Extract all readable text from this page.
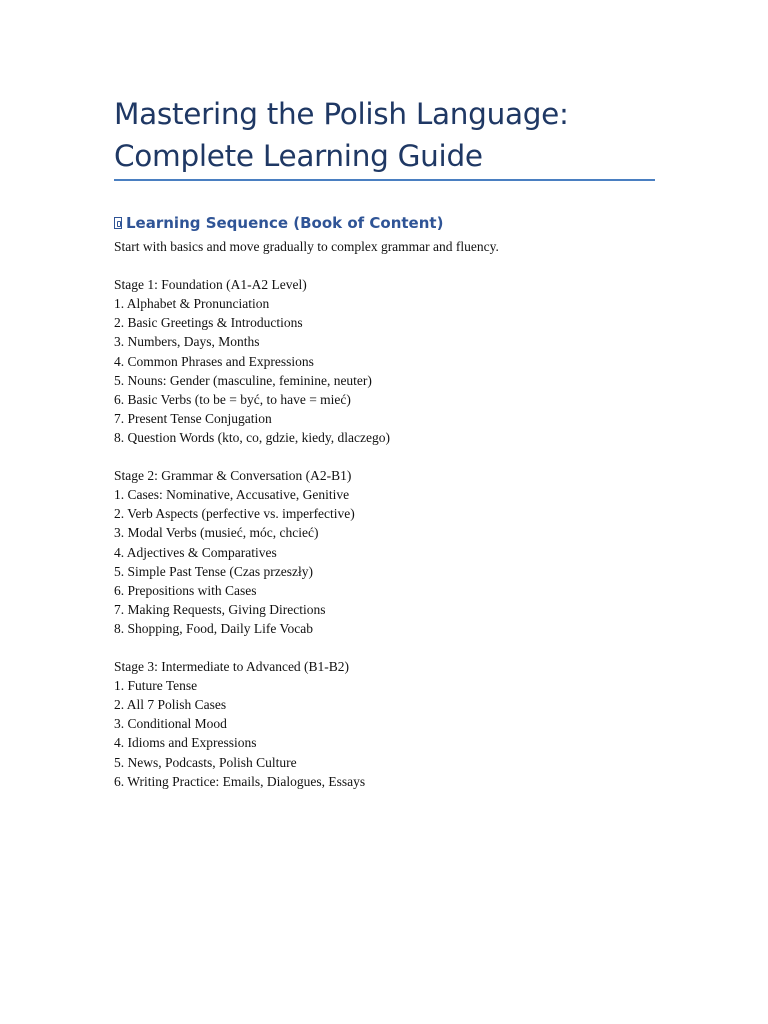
Mastering the Polish Language:
Complete Learning Guide
Learning Sequence (Book of Content)
Start with basics and move gradually to complex grammar and fluency.
Stage 1: Foundation (A1-A2 Level)
1. Alphabet & Pronunciation
2. Basic Greetings & Introductions
3. Numbers, Days, Months
4. Common Phrases and Expressions
5. Nouns: Gender (masculine, feminine, neuter)
6. Basic Verbs (to be = być, to have = mieć)
7. Present Tense Conjugation
8. Question Words (kto, co, gdzie, kiedy, dlaczego)
Stage 2: Grammar & Conversation (A2-B1)
1. Cases: Nominative, Accusative, Genitive
2. Verb Aspects (perfective vs. imperfective)
3. Modal Verbs (musieć, móc, chcieć)
4. Adjectives & Comparatives
5. Simple Past Tense (Czas przeszły)
6. Prepositions with Cases
7. Making Requests, Giving Directions
8. Shopping, Food, Daily Life Vocab
Stage 3: Intermediate to Advanced (B1-B2)
1. Future Tense
2. All 7 Polish Cases
3. Conditional Mood
4. Idioms and Expressions
5. News, Podcasts, Polish Culture
6. Writing Practice: Emails, Dialogues, Essays
